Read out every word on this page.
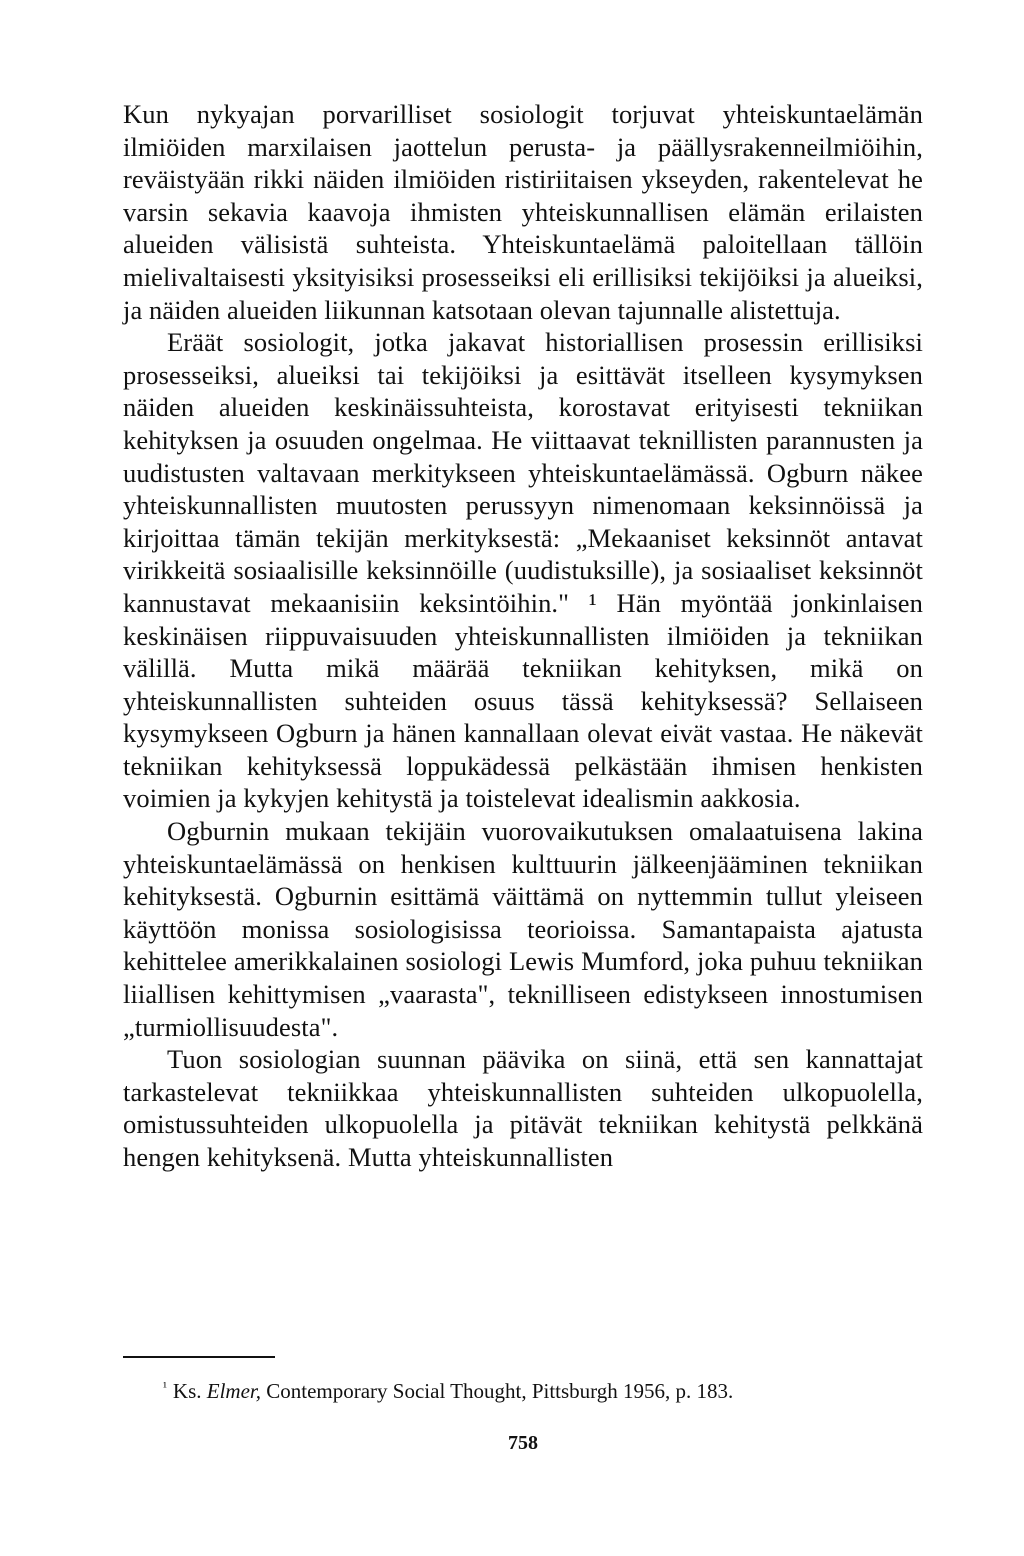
Kun nykyajan porvarilliset sosiologit torjuvat yhteiskuntaelämän ilmiöiden marxilaisen jaottelun perusta- ja päällysrakenneilmiöihin, reväistyään rikki näiden ilmiöiden ristiriitaisen ykseyden, rakentelevat he varsin sekavia kaavoja ihmisten yhteiskunnallisen elämän erilaisten alueiden välisistä suhteista. Yhteiskuntaelämä paloitellaan tällöin mielivaltaisesti yksityisiksi prosesseiksi eli erillisiksi tekijöiksi ja alueiksi, ja näiden alueiden liikunnan katsotaan olevan tajunnalle alistettuja.

Eräät sosiologit, jotka jakavat historiallisen prosessin erillisiksi prosesseiksi, alueiksi tai tekijöiksi ja esittävät itselleen kysymyksen näiden alueiden keskinäissuhteista, korostavat erityisesti tekniikan kehityksen ja osuuden ongelmaa. He viittaavat teknillisten parannusten ja uudistusten valtavaan merkitykseen yhteiskuntaelämässä. Ogburn näkee yhteiskunnallisten muutosten perussyyn nimenomaan keksinnöissä ja kirjoittaa tämän tekijän merkityksestä: „Mekaaniset keksinnöt antavat virikkeitä sosiaalisille keksinnöille (uudistuksille), ja sosiaaliset keksinnöt kannustavat mekaanisiin keksintöihin." ¹ Hän myöntää jonkinlaisen keskinäisen riippuvaisuuden yhteiskunnallisten ilmiöiden ja tekniikan välillä. Mutta mikä määrää tekniikan kehityksen, mikä on yhteiskunnallisten suhteiden osuus tässä kehityksessä? Sellaiseen kysymykseen Ogburn ja hänen kannallaan olevat eivät vastaa. He näkevät tekniikan kehityksessä loppukädessä pelkästään ihmisen henkisten voimien ja kykyjen kehitystä ja toistelevat idealismin aakkosia.

Ogburnin mukaan tekijäin vuorovaikutuksen omalaatuisena lakina yhteiskuntaelämässä on henkisen kulttuurin jälkeenjääminen tekniikan kehityksestä. Ogburnin esittämä väittämä on nyttemmin tullut yleiseen käyttöön monissa sosiologisissa teorioissa. Samantapaista ajatusta kehittelee amerikkalainen sosiologi Lewis Mumford, joka puhuu tekniikan liiallisen kehittymisen „vaarasta", teknilliseen edistykseen innostumisen „turmiollisuudesta".

Tuon sosiologian suunnan päävika on siinä, että sen kannattajat tarkastelevat tekniikkaa yhteiskunnallisten suhteiden ulkopuolella, omistussuhteiden ulkopuolella ja pitävät tekniikan kehitystä pelkkänä hengen kehityksenä. Mutta yhteiskunnallisten

$^{^1}$ Ks. Elmer, Contemporary Social Thought, Pittsburgh 1956, p. 183.
758
